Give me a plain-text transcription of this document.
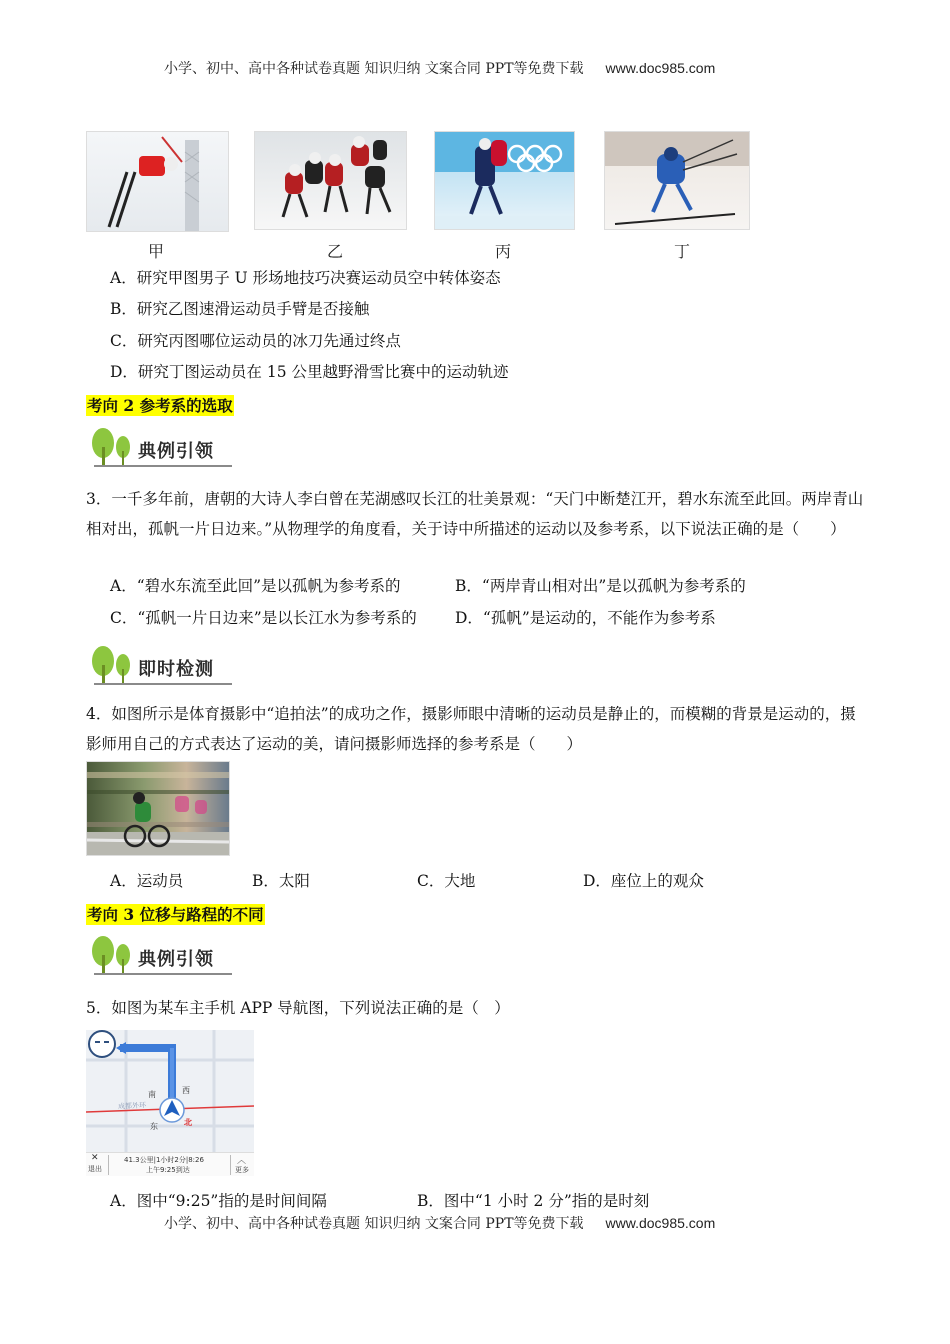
小学、初中、高中各种试卷真题 知识归纳 文案合同 PPT等免费下载 www.doc985.com
甲	乙	丙	丁
A．研究甲图男子 U 形场地技巧决赛运动员空中转体姿态
B．研究乙图速滑运动员手臂是否接触
C．研究丙图哪位运动员的冰刀先通过终点
D．研究丁图运动员在 15 公里越野滑雪比赛中的运动轨迹
考向 2 参考系的选取
典例引领
3．一千多年前，唐朝的大诗人李白曾在芜湖感叹长江的壮美景观：“天门中断楚江开，碧水东流至此回。两岸青山相对出，孤帆一片日边来。”从物理学的角度看，关于诗中所描述的运动以及参考系，以下说法正确的是（　　）
A．“碧水东流至此回”是以孤帆为参考系的	B．“两岸青山相对出”是以孤帆为参考系的
C．“孤帆一片日边来”是以长江水为参考系的 D．“孤帆”是运动的，不能作为参考系
即时检测
4．如图所示是体育摄影中“追拍法”的成功之作，摄影师眼中清晰的运动员是静止的，而模糊的背景是运动的，摄影师用自己的方式表达了运动的美，请问摄影师选择的参考系是（　　）
A．运动员	B．太阳	C．大地	D．座位上的观众
考向 3 位移与路程的不同
典例引领
5．如图为某车主手机 APP 导航图，下列说法正确的是（　）
南	西
东	北
成都外环
✕
退出
41.3公里|1小时2分|8:26
上午9:25到达
︿
更多
A．图中“9:25”指的是时间间隔	B．图中“1 小时 2 分”指的是时刻
小学、初中、高中各种试卷真题 知识归纳 文案合同 PPT等免费下载 www.doc985.com
